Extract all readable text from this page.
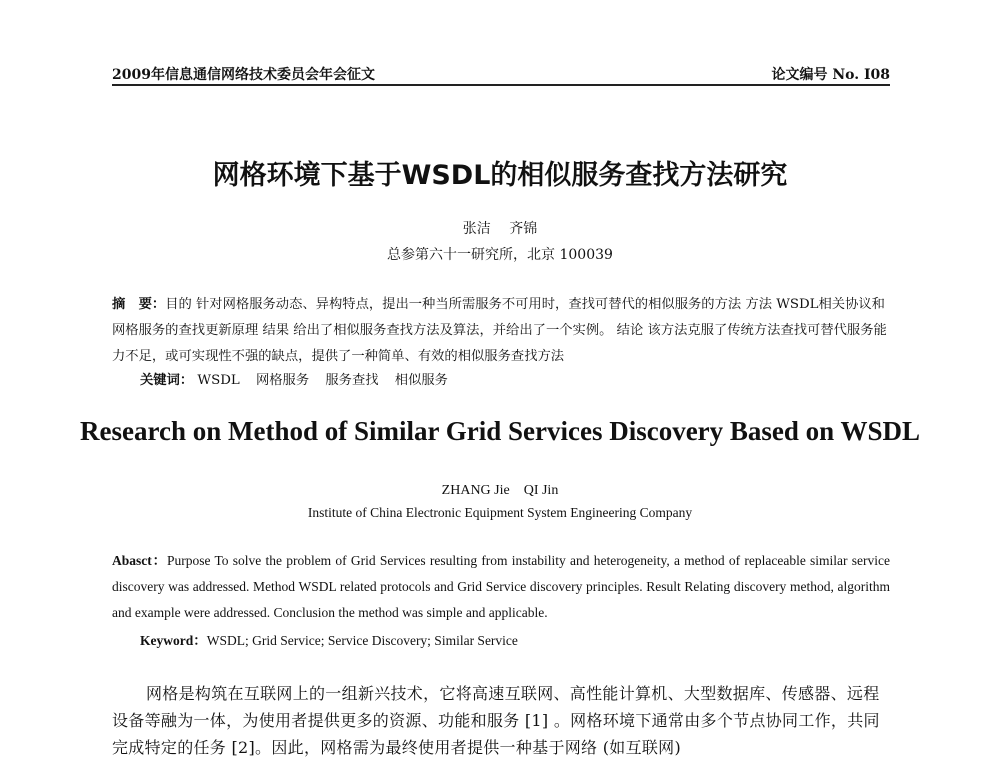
2009年信息通信网络技术委员会年会征文	论文编号 No. I08
网格环境下基于WSDL的相似服务查找方法研究
张洁　 齐锦
总参第六十一研究所，北京 100039

摘　要：目的 针对网格服务动态、异构特点，提出一种当所需服务不可用时，查找可替代的相似服务的方法 方法 WSDL相关协议和网格服务的查找更新原理 结果 给出了相似服务查找方法及算法，并给出了一个实例。 结论 该方法克服了传统方法查找可替代服务能力不足，或可实现性不强的缺点，提供了一种简单、有效的相似服务查找方法

关键词： WSDL 网格服务 服务查找 相似服务
Research on Method of Similar Grid Services Discovery Based on WSDL
ZHANG Jie　QI Jin
Institute of China Electronic Equipment System Engineering Company

Abasct：Purpose To solve the problem of Grid Services resulting from instability and heterogeneity, a method of replaceable similar service discovery was addressed. Method WSDL related protocols and Grid Service discovery principles. Result Relating discovery method, algorithm and example were addressed. Conclusion the method was simple and applicable.

Keyword：WSDL; Grid Service; Service Discovery; Similar Service

网格是构筑在互联网上的一组新兴技术，它将高速互联网、高性能计算机、大型数据库、传感器、远程设备等融为一体，为使用者提供更多的资源、功能和服务 [1] 。网格环境下通常由多个节点协同工作，共同完成特定的任务 [2]。因此，网格需为最终使用者提供一种基于网络 (如互联网)
